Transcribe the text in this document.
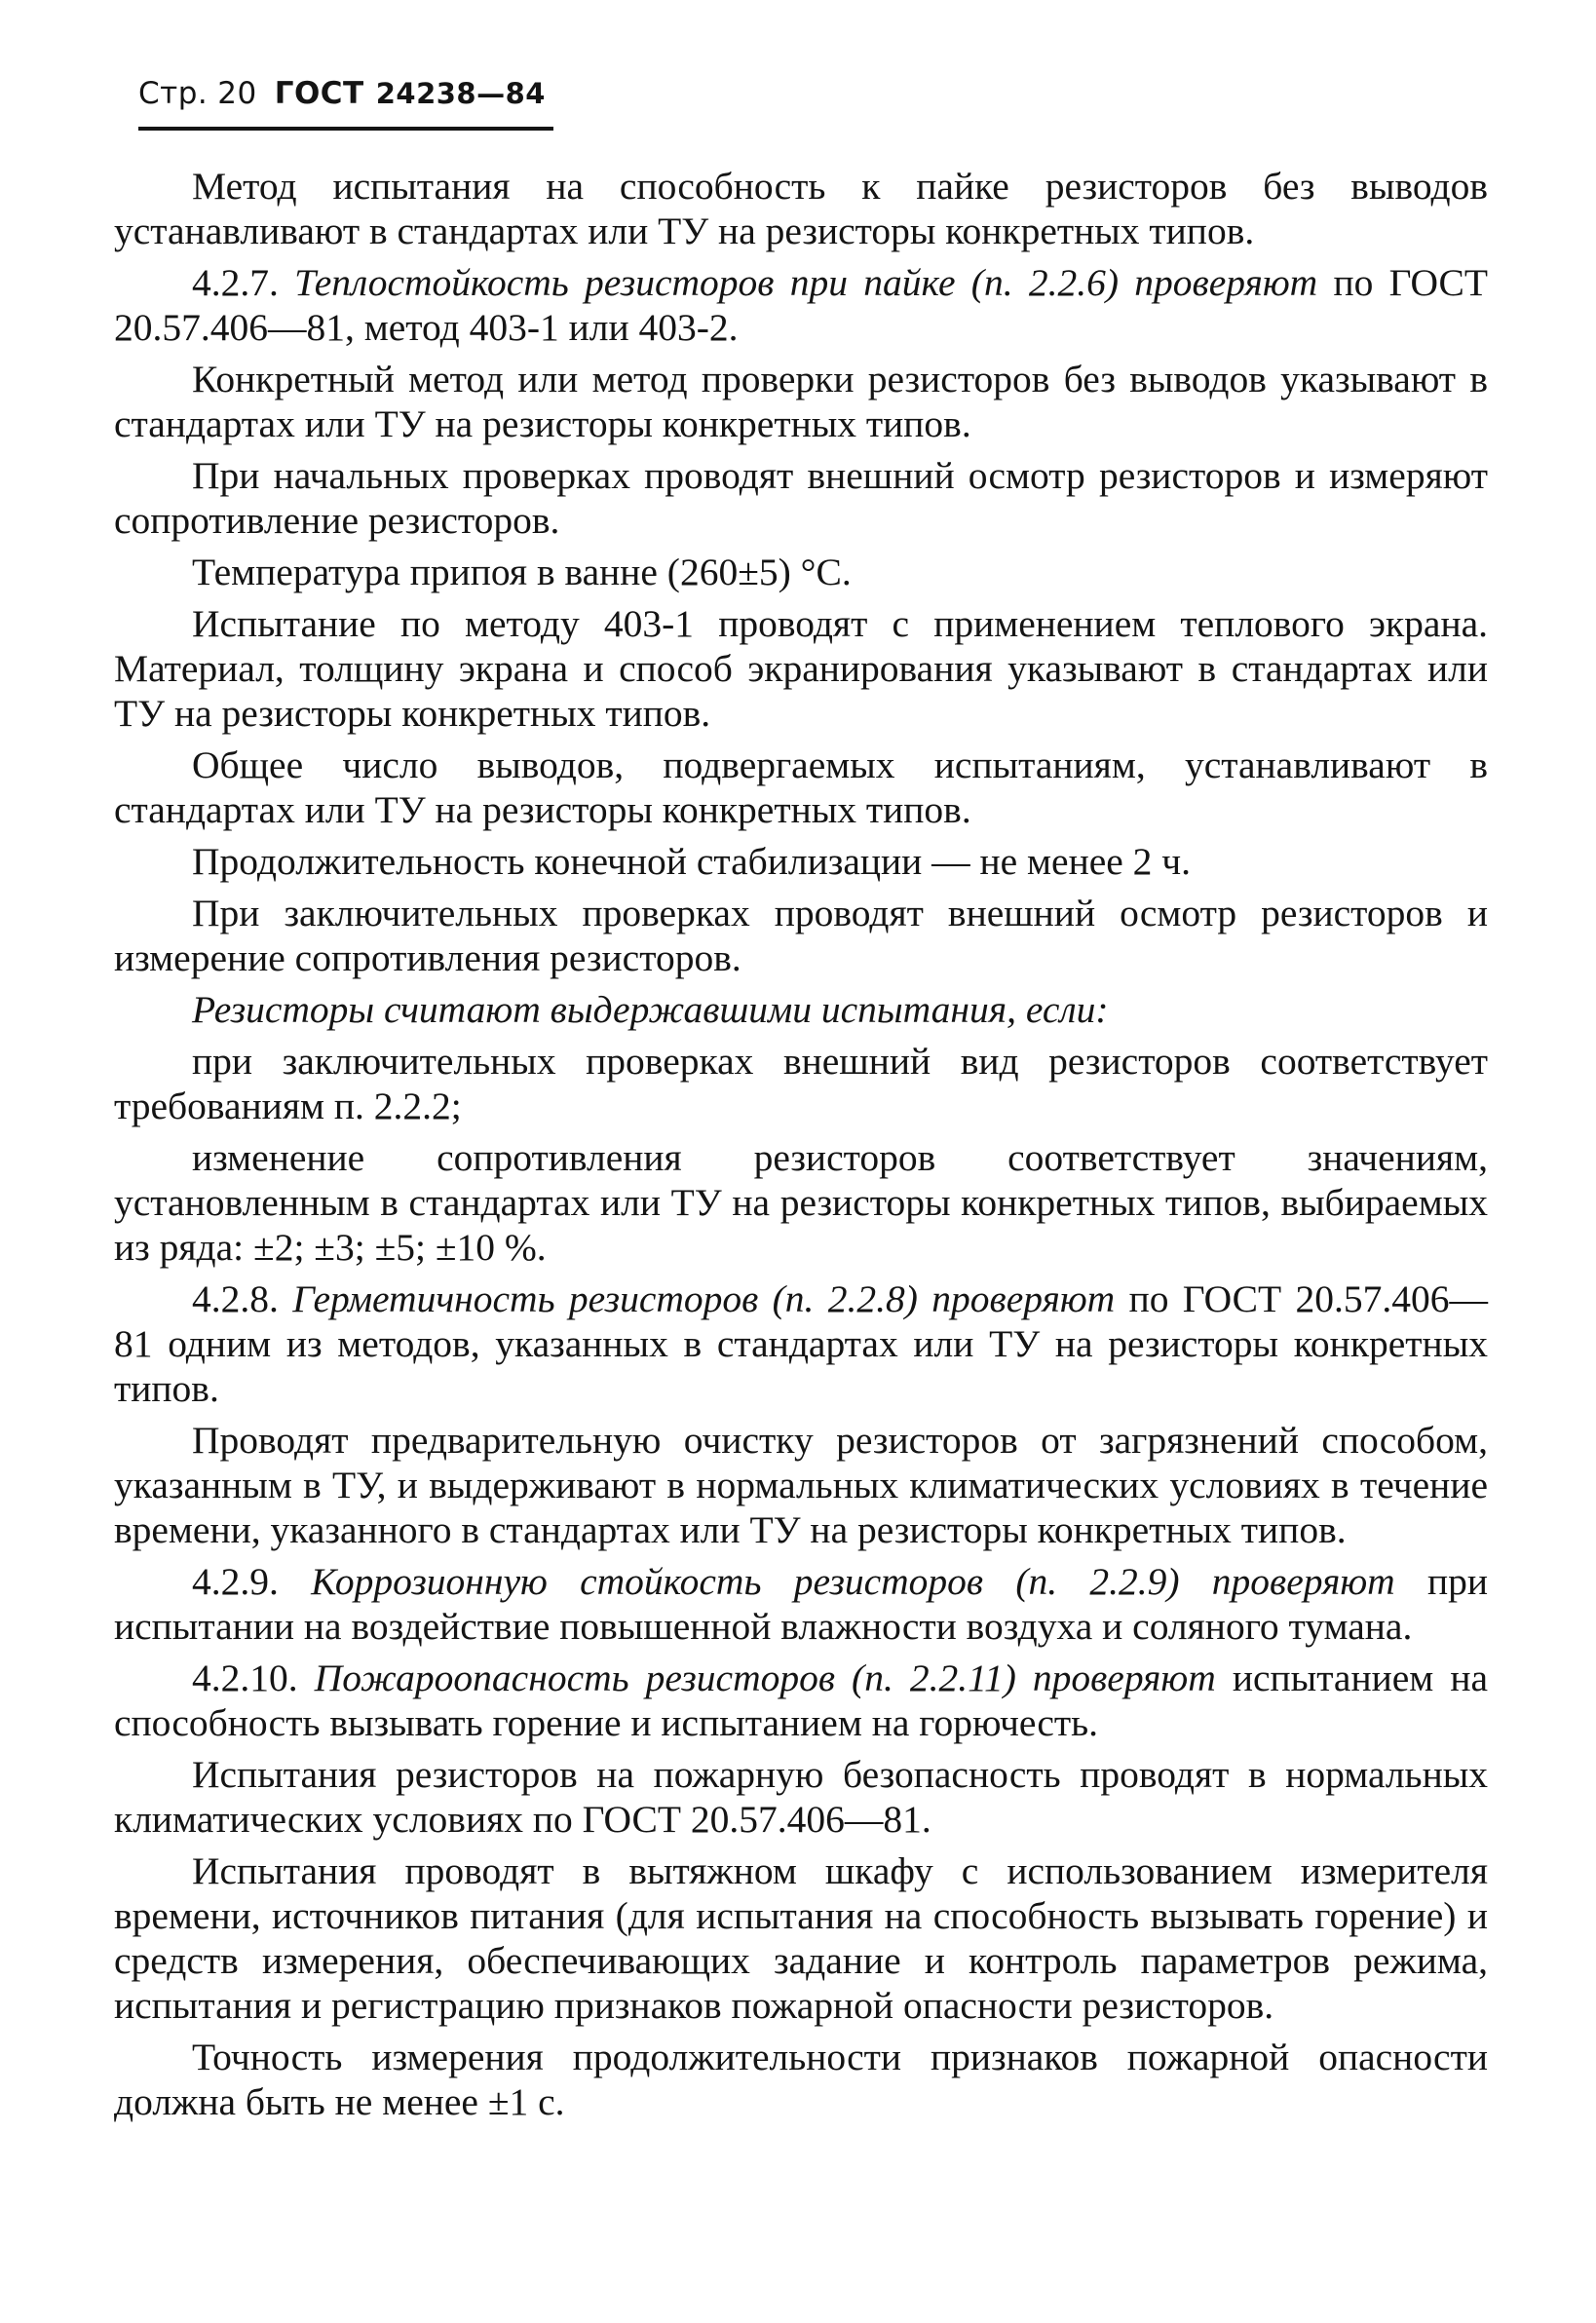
Стр. 20 ГОСТ 24238—84

Метод испытания на способность к пайке резисторов без выводов устанавливают в стандартах или ТУ на резисторы конкретных типов.

4.2.7. Теплостойкость резисторов при пайке (п. 2.2.6) проверяют по ГОСТ 20.57.406—81, метод 403-1 или 403-2.

Конкретный метод или метод проверки резисторов без выводов указывают в стандартах или ТУ на резисторы конкретных типов.

При начальных проверках проводят внешний осмотр резисторов и измеряют сопротивление резисторов.

Температура припоя в ванне (260±5) °С.

Испытание по методу 403-1 проводят с применением теплового экрана. Материал, толщину экрана и способ экранирования указывают в стандартах или ТУ на резисторы конкретных типов.

Общее число выводов, подвергаемых испытаниям, устанавливают в стандартах или ТУ на резисторы конкретных типов.

Продолжительность конечной стабилизации — не менее 2 ч.

При заключительных проверках проводят внешний осмотр резисторов и измерение сопротивления резисторов.

Резисторы считают выдержавшими испытания, если:

при заключительных проверках внешний вид резисторов соответствует требованиям п. 2.2.2;

изменение сопротивления резисторов соответствует значениям, установленным в стандартах или ТУ на резисторы конкретных типов, выбираемых из ряда: ±2; ±3; ±5; ±10 %.

4.2.8. Герметичность резисторов (п. 2.2.8) проверяют по ГОСТ 20.57.406—81 одним из методов, указанных в стандартах или ТУ на резисторы конкретных типов.

Проводят предварительную очистку резисторов от загрязнений способом, указанным в ТУ, и выдерживают в нормальных климатических условиях в течение времени, указанного в стандартах или ТУ на резисторы конкретных типов.

4.2.9. Коррозионную стойкость резисторов (п. 2.2.9) проверяют при испытании на воздействие повышенной влажности воздуха и соляного тумана.

4.2.10. Пожароопасность резисторов (п. 2.2.11) проверяют испытанием на способность вызывать горение и испытанием на горючесть.

Испытания резисторов на пожарную безопасность проводят в нормальных климатических условиях по ГОСТ 20.57.406—81.

Испытания проводят в вытяжном шкафу с использованием измерителя времени, источников питания (для испытания на способность вызывать горение) и средств измерения, обеспечивающих задание и контроль параметров режима, испытания и регистрацию признаков пожарной опасности резисторов.

Точность измерения продолжительности признаков пожарной опасности должна быть не менее ±1 с.
